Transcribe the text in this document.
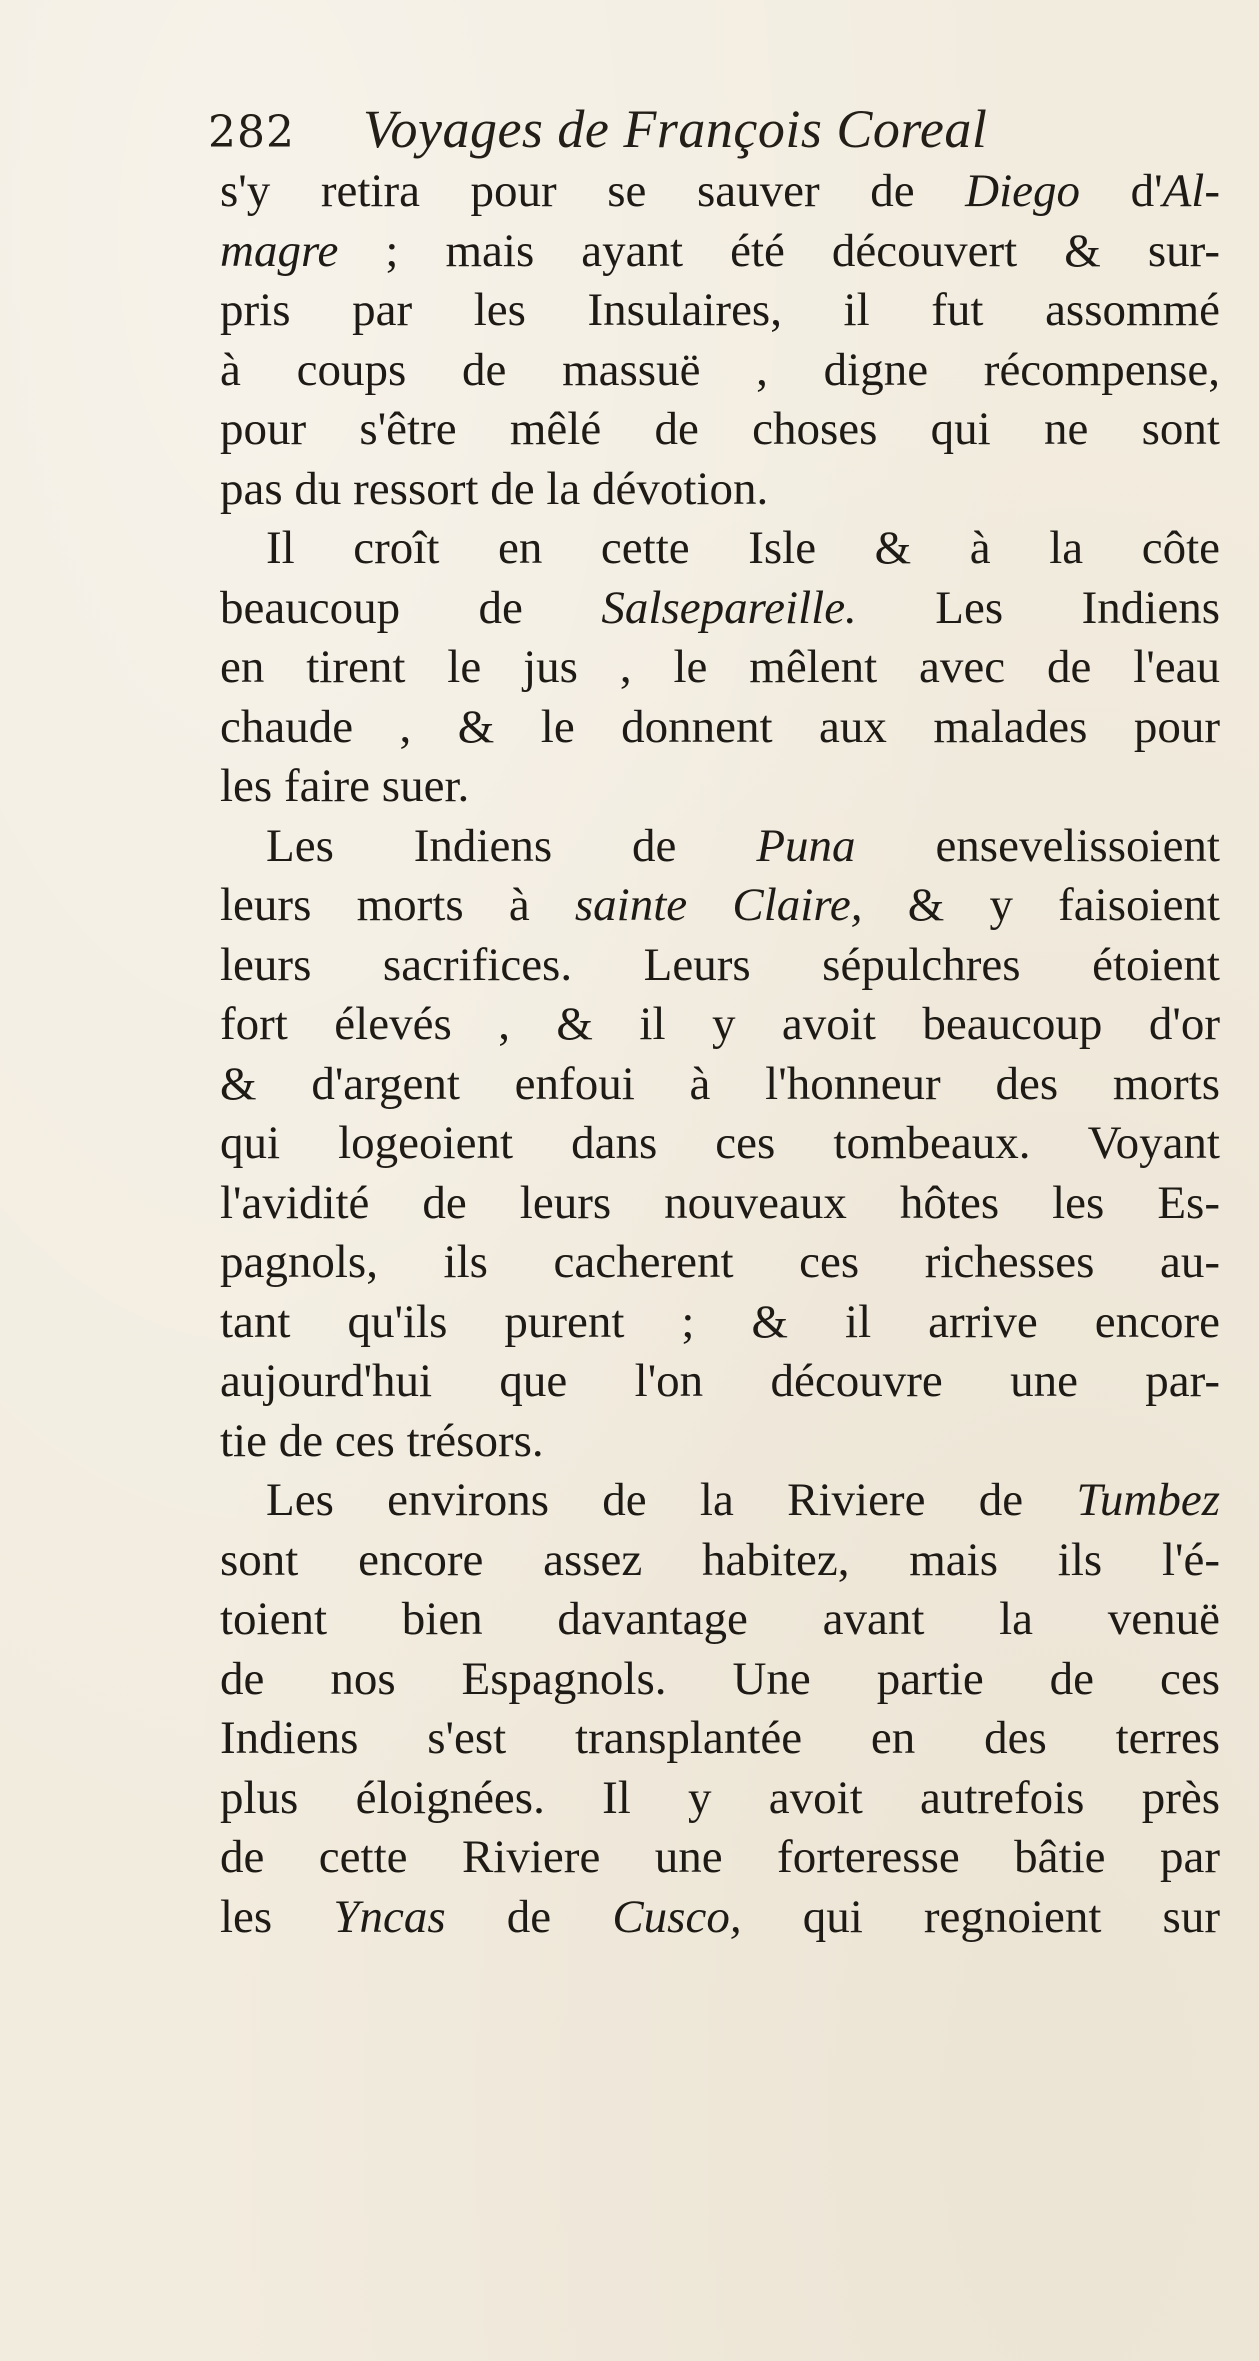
282 Voyages de François Coreal
s'y retira pour se sauver de Diego d'Al-
magre ; mais ayant été découvert & sur-
pris par les Insulaires, il fut assommé
à coups de massuë , digne récompense,
pour s'être mêlé de choses qui ne sont
pas du ressort de la dévotion.
Il croît en cette Isle & à la côte
beaucoup de Salsepareille. Les Indiens
en tirent le jus , le mêlent avec de l'eau
chaude , & le donnent aux malades pour
les faire suer.
Les Indiens de Puna ensevelissoient
leurs morts à sainte Claire, & y faisoient
leurs sacrifices. Leurs sépulchres étoient
fort élevés , & il y avoit beaucoup d'or
& d'argent enfoui à l'honneur des morts
qui logeoient dans ces tombeaux. Voyant
l'avidité de leurs nouveaux hôtes les Es-
pagnols, ils cacherent ces richesses au-
tant qu'ils purent ; & il arrive encore
aujourd'hui que l'on découvre une par-
tie de ces trésors.
Les environs de la Riviere de Tumbez
sont encore assez habitez, mais ils l'é-
toient bien davantage avant la venuë
de nos Espagnols. Une partie de ces
Indiens s'est transplantée en des terres
plus éloignées. Il y avoit autrefois près
de cette Riviere une forteresse bâtie par
les Yncas de Cusco, qui regnoient sur
